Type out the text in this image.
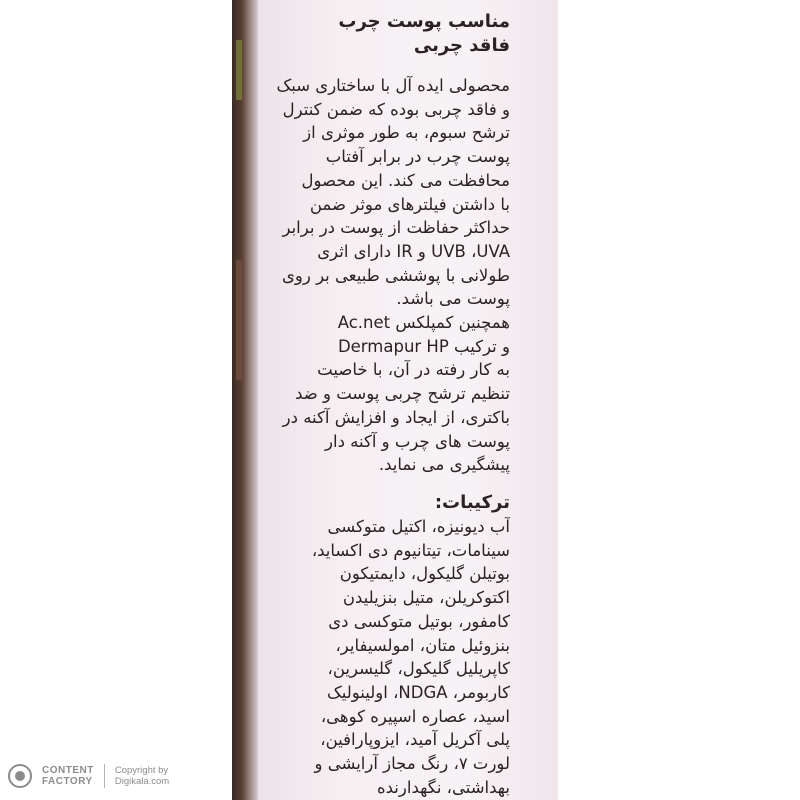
مناسب پوست چرب
فاقد چربی
محصولی ایده آل با ساختاری سبک
و فاقد چربی بوده که ضمن کنترل
ترشح سبوم، به طور موثری از
پوست چرب در برابر آفتاب
محافظت می کند. این محصول
با داشتن فیلترهای موثر ضمن
حداکثر حفاظت از پوست در برابر
UVB ،UVA و IR دارای اثری
طولانی با پوششی طبیعی بر روی
پوست می باشد.
همچنین کمپلکس Ac.net
و ترکیب Dermapur HP
به کار رفته در آن، با خاصیت
تنظیم ترشح چربی پوست و ضد
باکتری، از ایجاد و افزایش آکنه در
پوست های چرب و آکنه دار
پیشگیری می نماید.
ترکیبات:
آب دیونیزه، اکتیل متوکسی
سینامات، تیتانیوم دی اکساید،
بوتیلن گلیکول، دایمتیکون
اکتوکریلن، متیل بنزیلیدن
کامفور، بوتیل متوکسی دی
بنزوئیل متان، امولسیفایر،
کاپریلیل گلیکول، گلیسرین،
کاربومر، NDGA، اولینولیک
اسید، عصاره اسپیره کوهی،
پلی آکریل آمید، ایزوپارافین،
لورت ۷، رنگ مجاز آرایشی و
بهداشتی، نگهدارنده
CONTENT
FACTORY
Copyright by
Digikala.com
